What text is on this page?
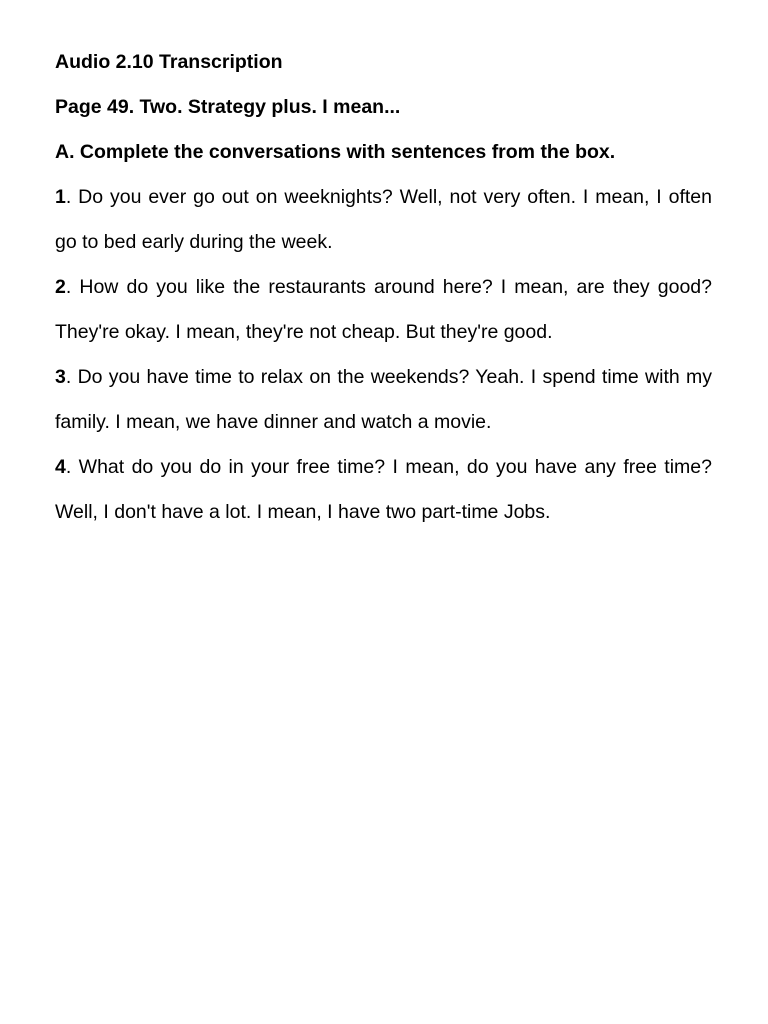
Audio 2.10 Transcription

Page 49. Two. Strategy plus. I mean...

A. Complete the conversations with sentences from the box.

1. Do you ever go out on weeknights? Well, not very often. I mean, I often go to bed early during the week.

2. How do you like the restaurants around here? I mean, are they good? They're okay. I mean, they're not cheap. But they're good.

3. Do you have time to relax on the weekends? Yeah. I spend time with my family. I mean, we have dinner and watch a movie.

4. What do you do in your free time? I mean, do you have any free time? Well, I don't have a lot. I mean, I have two part-time Jobs.
